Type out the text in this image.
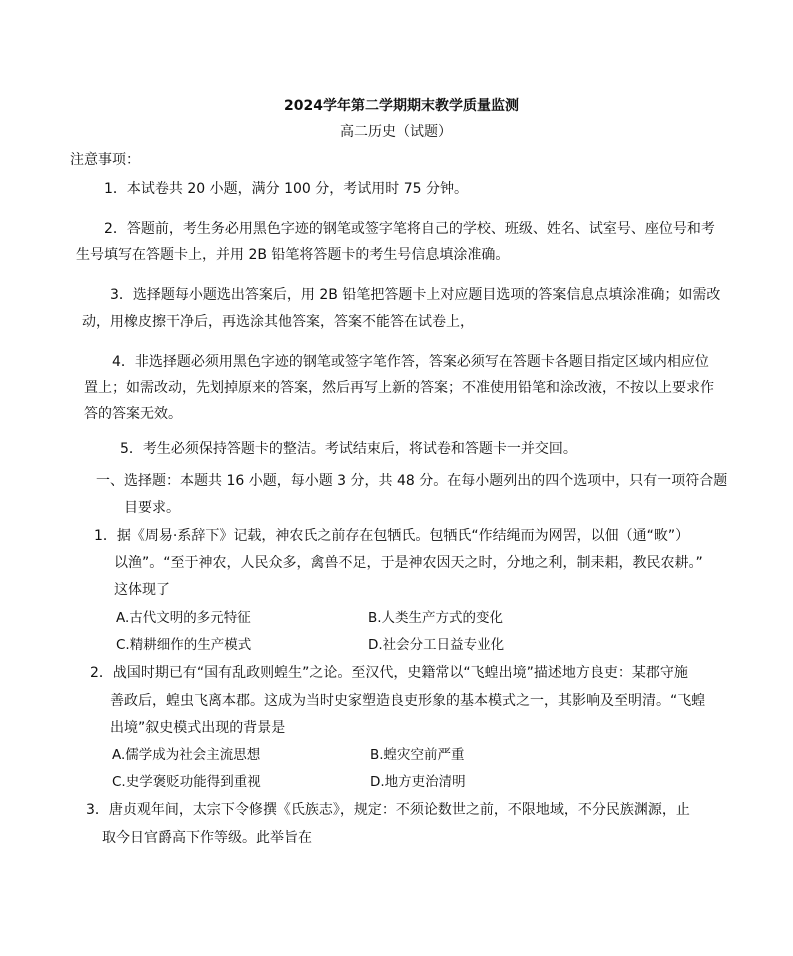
2024学年第二学期期末教学质量监测
高二历史（试题）
注意事项：
1．本试卷共 20 小题，满分 100 分，考试用时 75 分钟。
2．答题前，考生务必用黑色字迹的钢笔或签字笔将自己的学校、班级、姓名、试室号、座位号和考
生号填写在答题卡上，并用 2B 铅笔将答题卡的考生号信息填涂准确。
3．选择题每小题选出答案后，用 2B 铅笔把答题卡上对应题目选项的答案信息点填涂准确；如需改
动，用橡皮擦干净后，再选涂其他答案，答案不能答在试卷上，
4．非选择题必须用黑色字迹的钢笔或签字笔作答，答案必须写在答题卡各题目指定区域内相应位
置上；如需改动，先划掉原来的答案，然后再写上新的答案；不准使用铅笔和涂改液，不按以上要求作
答的答案无效。
5．考生必须保持答题卡的整洁。考试结束后，将试卷和答题卡一并交回。
一、选择题：本题共 16 小题，每小题 3 分，共 48 分。在每小题列出的四个选项中，只有一项符合题
目要求。
1．据《周易·系辞下》记载，神农氏之前存在包牺氏。包牺氏“作结绳而为网罟，以佃（通“畋”）
以渔”。“至于神农，人民众多，禽兽不足，于是神农因天之时，分地之利，制耒耜，教民农耕。”
这体现了
A.古代文明的多元特征	B.人类生产方式的变化
C.精耕细作的生产模式	D.社会分工日益专业化
2．战国时期已有“国有乱政则蝗生”之论。至汉代，史籍常以“飞蝗出境”描述地方良吏：某郡守施
善政后，蝗虫飞离本郡。这成为当时史家塑造良吏形象的基本模式之一，其影响及至明清。“飞蝗
出境”叙史模式出现的背景是
A.儒学成为社会主流思想	B.蝗灾空前严重
C.史学褒贬功能得到重视	D.地方吏治清明
3．唐贞观年间，太宗下令修撰《氏族志》，规定：不须论数世之前，不限地域，不分民族渊源，止
取今日官爵高下作等级。此举旨在
